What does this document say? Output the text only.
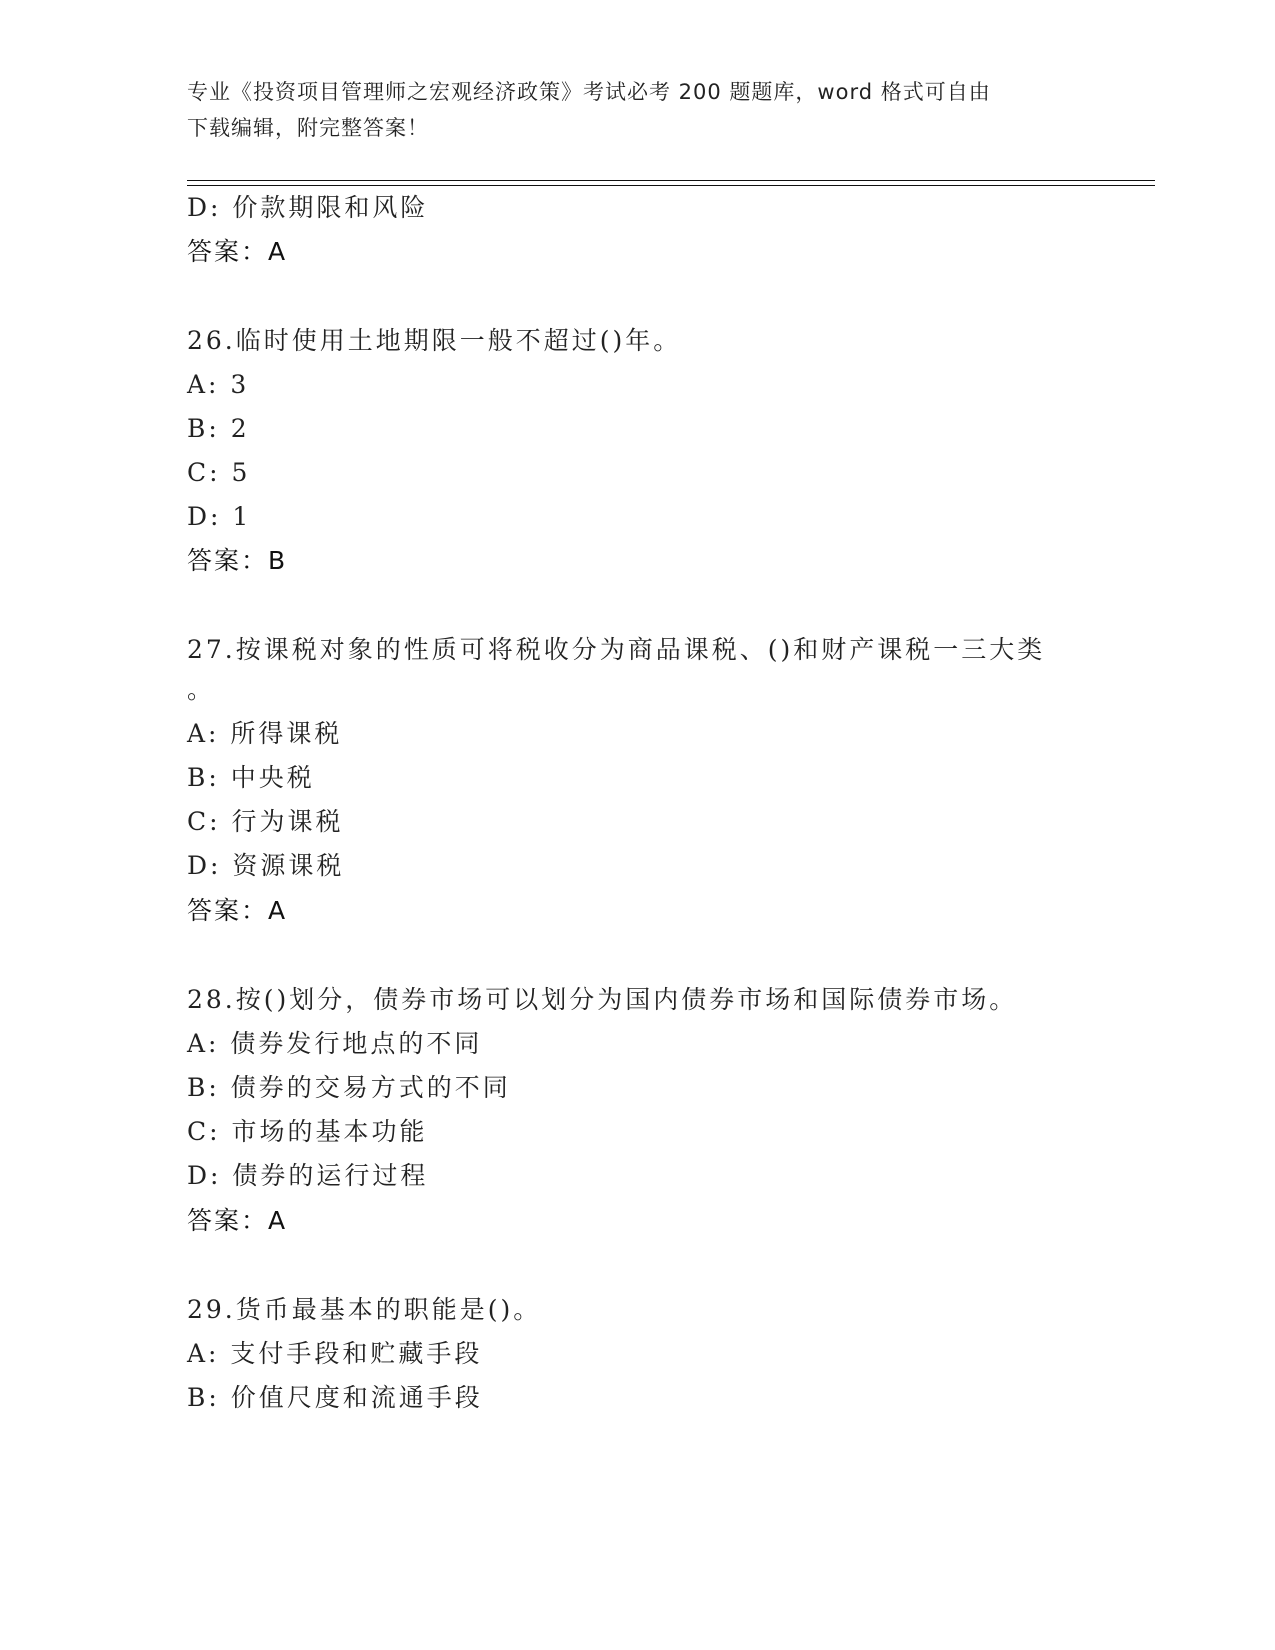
专业《投资项目管理师之宏观经济政策》考试必考 200 题题库，word 格式可自由
下载编辑，附完整答案！
D: 价款期限和风险
答案：A
26.临时使用土地期限一般不超过()年。
A: 3
B: 2
C: 5
D: 1
答案：B
27.按课税对象的性质可将税收分为商品课税、()和财产课税一三大类
。
A: 所得课税
B: 中央税
C: 行为课税
D: 资源课税
答案：A
28.按()划分，债券市场可以划分为国内债券市场和国际债券市场。
A: 债券发行地点的不同
B: 债券的交易方式的不同
C: 市场的基本功能
D: 债券的运行过程
答案：A
29.货币最基本的职能是()。
A: 支付手段和贮藏手段
B: 价值尺度和流通手段
